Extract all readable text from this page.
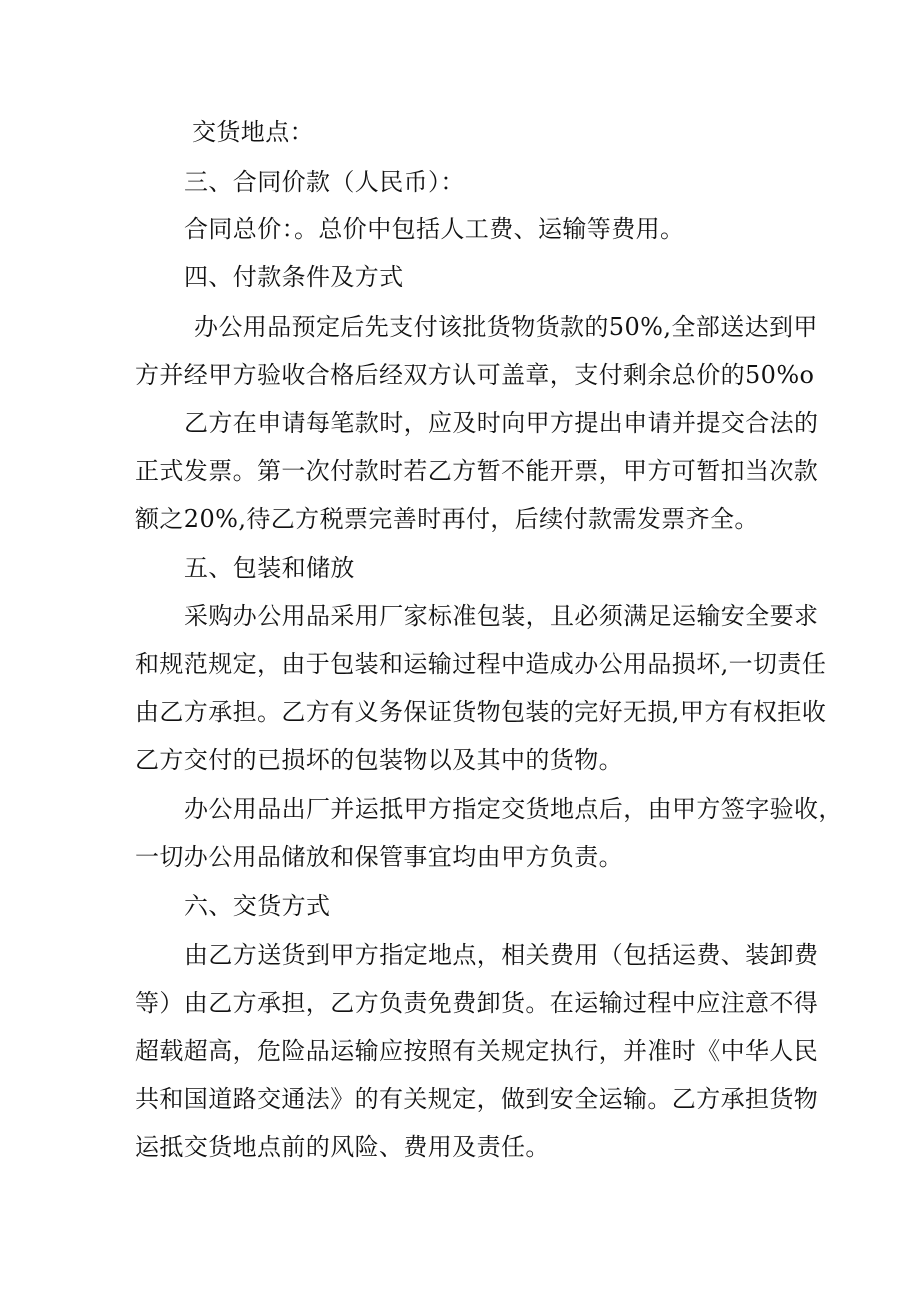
交货地点：
三、合同价款（人民币）：
合同总价：。总价中包括人工费、运输等费用。
四、付款条件及方式
办公用品预定后先支付该批货物货款的50%,全部送达到甲
方并经甲方验收合格后经双方认可盖章，支付剩余总价的50%o
乙方在申请每笔款时，应及时向甲方提出申请并提交合法的
正式发票。第一次付款时若乙方暂不能开票，甲方可暂扣当次款
额之20%,待乙方税票完善时再付，后续付款需发票齐全。
五、包装和储放
采购办公用品采用厂家标准包装，且必须满足运输安全要求
和规范规定，由于包装和运输过程中造成办公用品损坏,一切责任
由乙方承担。乙方有义务保证货物包装的完好无损,甲方有权拒收
乙方交付的已损坏的包装物以及其中的货物。
办公用品出厂并运抵甲方指定交货地点后，由甲方签字验收，
一切办公用品储放和保管事宜均由甲方负责。
六、交货方式
由乙方送货到甲方指定地点，相关费用（包括运费、装卸费
等）由乙方承担，乙方负责免费卸货。在运输过程中应注意不得
超载超高，危险品运输应按照有关规定执行，并准时《中华人民
共和国道路交通法》的有关规定，做到安全运输。乙方承担货物
运抵交货地点前的风险、费用及责任。
